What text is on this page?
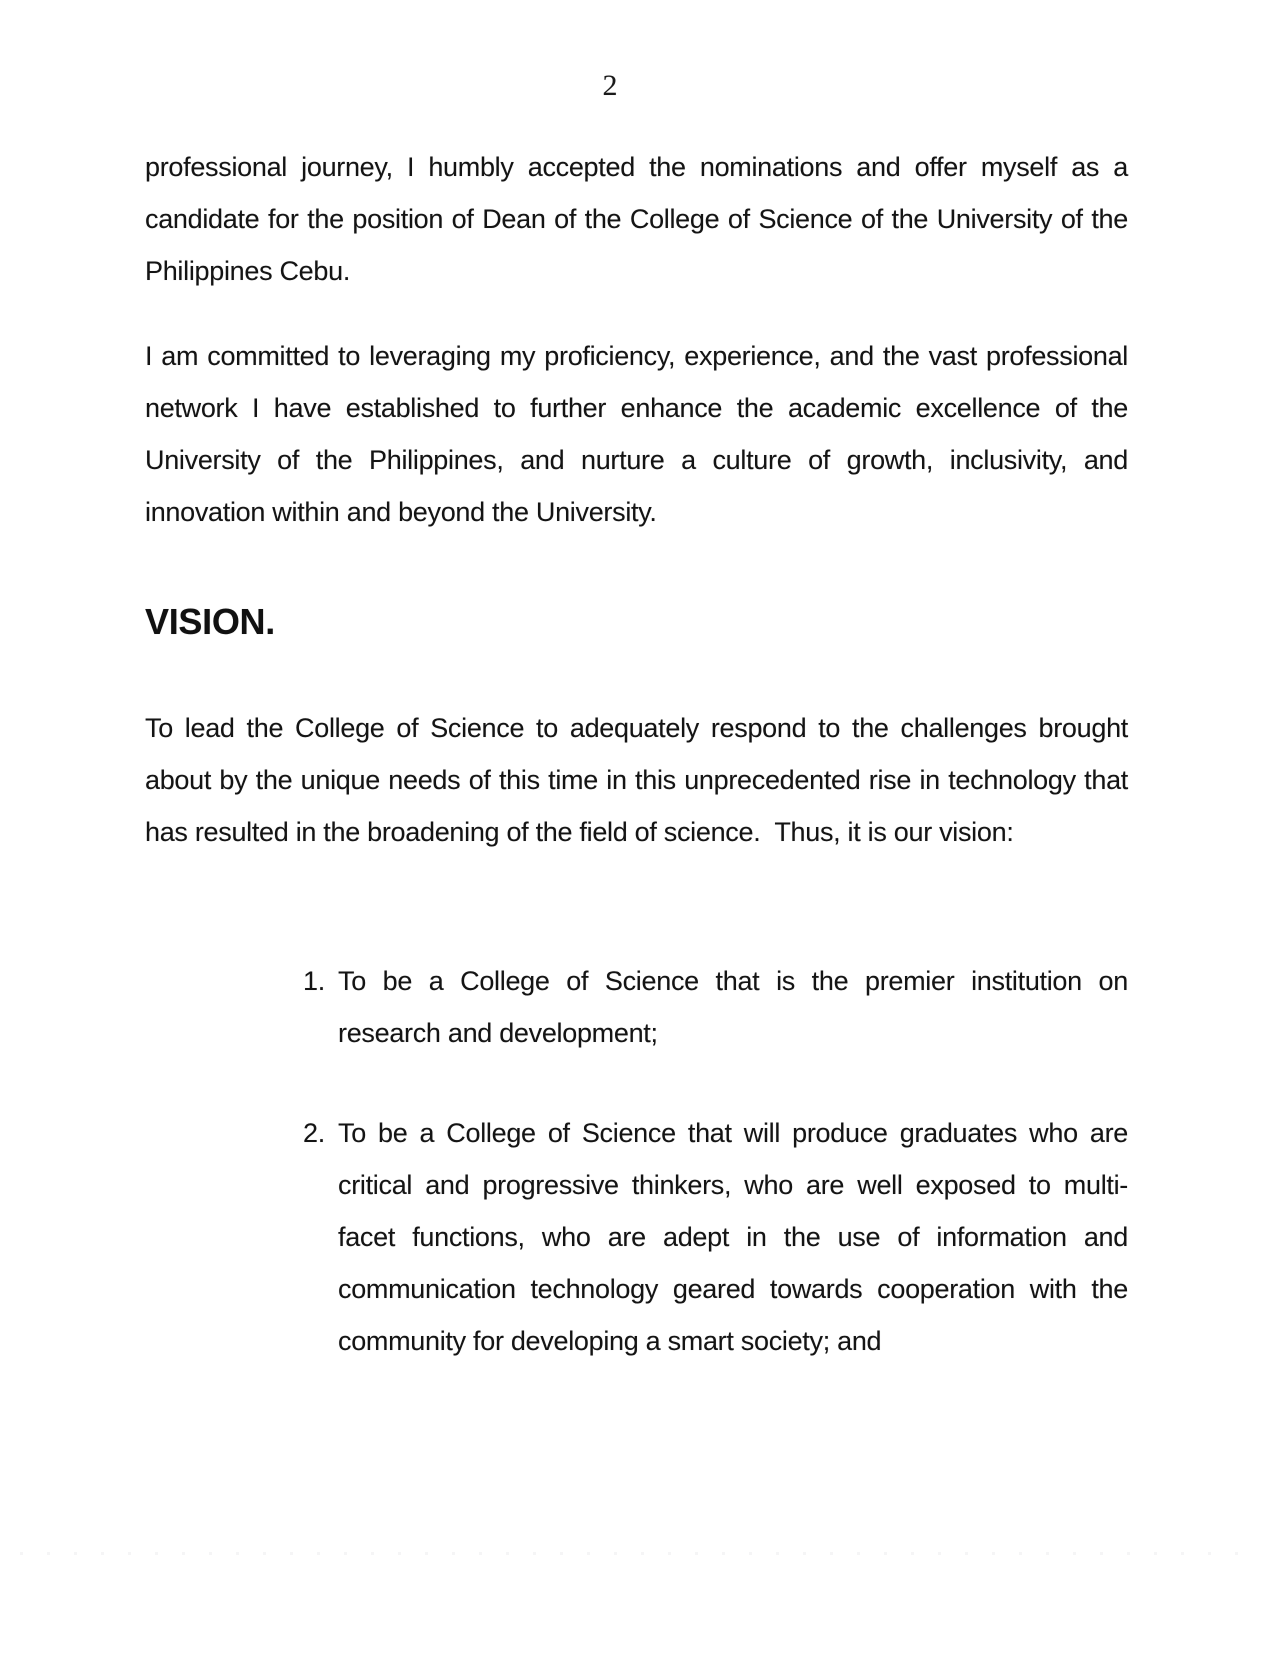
2
professional journey, I humbly accepted the nominations and offer myself as a candidate for the position of Dean of the College of Science of the University of the Philippines Cebu.
I am committed to leveraging my proficiency, experience, and the vast professional network I have established to further enhance the academic excellence of the University of the Philippines, and nurture a culture of growth, inclusivity, and innovation within and beyond the University.
VISION.
To lead the College of Science to adequately respond to the challenges brought about by the unique needs of this time in this unprecedented rise in technology that has resulted in the broadening of the field of science.  Thus, it is our vision:
1. To be a College of Science that is the premier institution on research and development;
2. To be a College of Science that will produce graduates who are critical and progressive thinkers, who are well exposed to multi-facet functions, who are adept in the use of information and communication technology geared towards cooperation with the community for developing a smart society; and
